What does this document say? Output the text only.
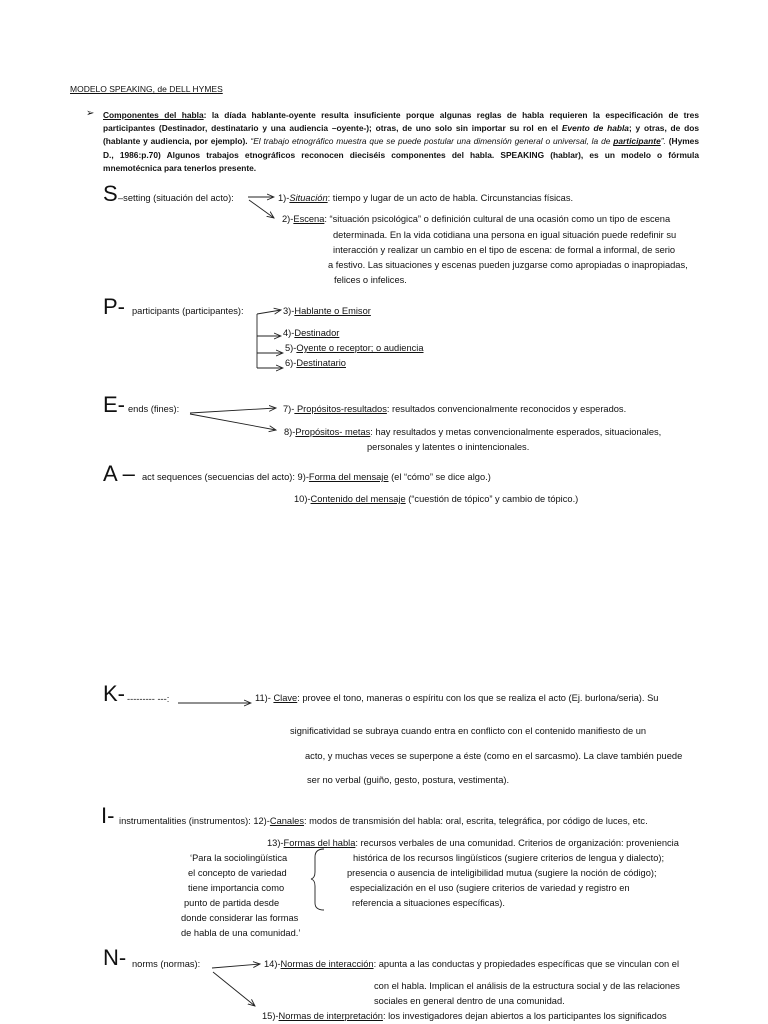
MODELO SPEAKING, de DELL HYMES
➢ Componentes del habla: la díada hablante-oyente resulta insuficiente porque algunas reglas de habla requieren la especificación de tres participantes (Destinador, destinatario y una audiencia –oyente-); otras, de uno solo sin importar su rol en el Evento de habla; y otras, de dos (hablante y audiencia, por ejemplo). “El trabajo etnográfico muestra que se puede postular una dimensión general o universal, la de participante”. (Hymes D., 1986:p.70) Algunos trabajos etnográficos reconocen dieciséis componentes del habla. SPEAKING (hablar), es un modelo o fórmula mnemotécnica para tenerlos presente.
S –setting (situación del acto):	1)-Situación: tiempo y lugar de un acto de habla. Circunstancias físicas.
2)-Escena: “situación psicológica” o definición cultural de una ocasión como un tipo de escena
determinada. En la vida cotidiana una persona en igual situación puede redefinir su
interacción y realizar un cambio en el tipo de escena: de formal a informal, de serio
a festivo. Las situaciones y escenas pueden juzgarse como apropiadas o inapropiadas,
felices o infelices.
P- participants (participantes):	3)-Hablante o Emisor
4)-Destinador
5)-Oyente o receptor; o audiencia
6)-Destinatario
E- ends (fines):	7)- Propósitos-resultados: resultados convencionalmente reconocidos y esperados.
8)-Propósitos- metas: hay resultados y metas convencionalmente esperados, situacionales,
personales y latentes o inintencionales.
A – act sequences (secuencias del acto): 9)-Forma del mensaje (el “cómo” se dice algo.)
10)-Contenido del mensaje (“cuestión de tópico” y cambio de tópico.)
K- --------- ---:	11)- Clave: provee el tono, maneras o espíritu con los que se realiza el acto (Ej. burlona/seria). Su
significatividad se subraya cuando entra en conflicto con el contenido manifiesto de un
acto, y muchas veces se superpone a éste (como en el sarcasmo). La clave también puede
ser no verbal (guiño, gesto, postura, vestimenta).
I- instrumentalities (instrumentos): 12)-Canales: modos de transmisión del habla: oral, escrita, telegráfica, por código de luces, etc.
13)-Formas del habla: recursos verbales de una comunidad. Criterios de organización: proveniencia
histórica de los recursos lingüísticos (sugiere criterios de lengua y dialecto);
presencia o ausencia de inteligibilidad mutua (sugiere la noción de código);
especialización en el uso (sugiere criterios de variedad y registro en
referencia a situaciones específicas).
‘Para la sociolingüística
el concepto de variedad
tiene importancia como
punto de partida desde
donde considerar las formas
de habla de una comunidad.’
N- norms (normas):	14)-Normas de interacción: apunta a las conductas y propiedades específicas que se vinculan con el
con el habla. Implican el análisis de la estructura social y de las relaciones
sociales en general dentro de una comunidad.
15)-Normas de interpretación: los investigadores dejan abiertos a los participantes los significados
